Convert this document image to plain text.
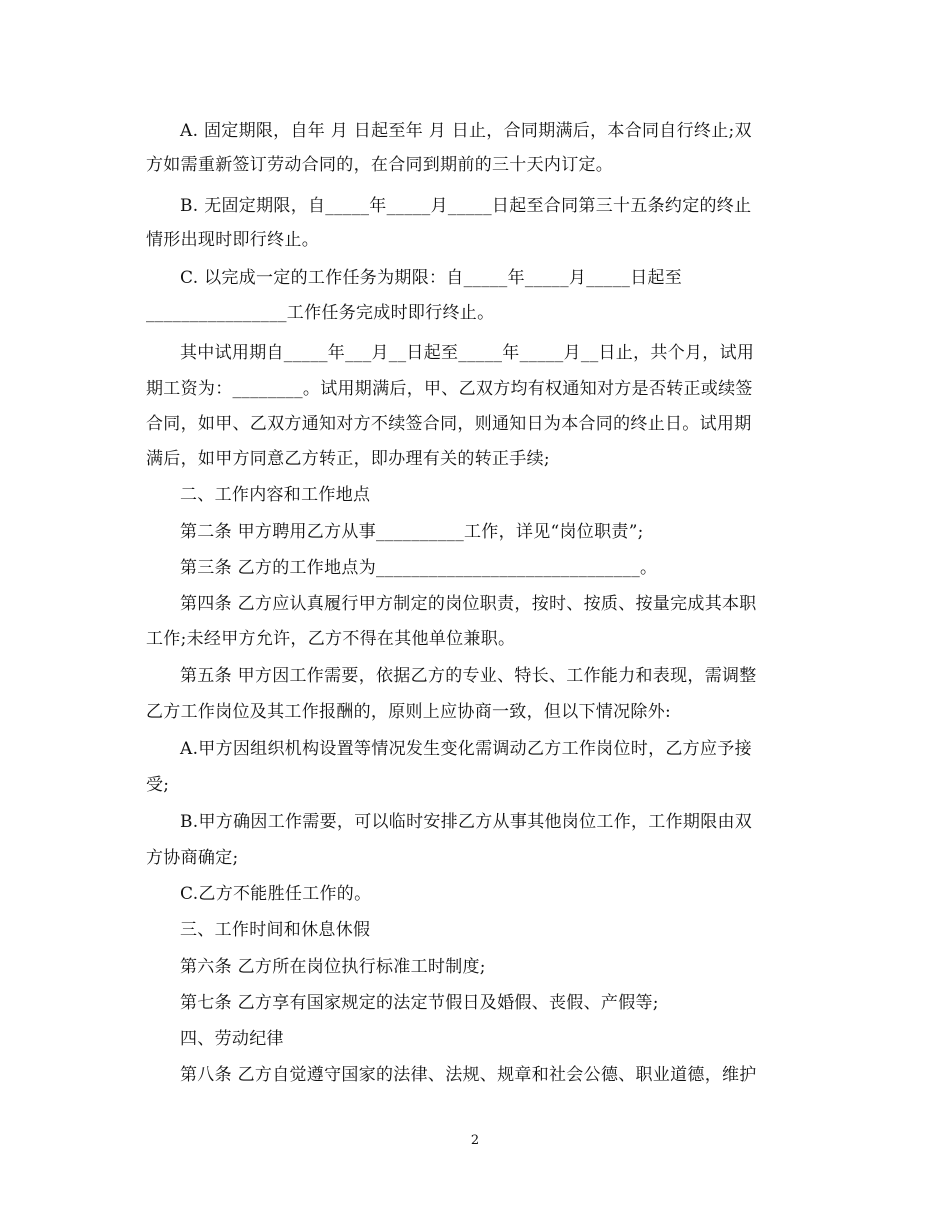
A. 固定期限，自年 月 日起至年 月 日止，合同期满后，本合同自行终止;双
方如需重新签订劳动合同的，在合同到期前的三十天内订定。
B. 无固定期限，自_____年_____月_____日起至合同第三十五条约定的终止
情形出现时即行终止。
C. 以完成一定的工作任务为期限：自_____年_____月_____日起至
________________工作任务完成时即行终止。
其中试用期自_____年___月__日起至_____年_____月__日止，共个月，试用
期工资为：________。试用期满后，甲、乙双方均有权通知对方是否转正或续签
合同，如甲、乙双方通知对方不续签合同，则通知日为本合同的终止日。试用期
满后，如甲方同意乙方转正，即办理有关的转正手续;
二、工作内容和工作地点
第二条 甲方聘用乙方从事__________工作，详见“岗位职责”;
第三条 乙方的工作地点为______________________________。
第四条 乙方应认真履行甲方制定的岗位职责，按时、按质、按量完成其本职
工作;未经甲方允许，乙方不得在其他单位兼职。
第五条 甲方因工作需要，依据乙方的专业、特长、工作能力和表现，需调整
乙方工作岗位及其工作报酬的，原则上应协商一致，但以下情况除外:
A.甲方因组织机构设置等情况发生变化需调动乙方工作岗位时，乙方应予接
受;
B.甲方确因工作需要，可以临时安排乙方从事其他岗位工作，工作期限由双
方协商确定;
C.乙方不能胜任工作的。
三、工作时间和休息休假
第六条 乙方所在岗位执行标准工时制度;
第七条 乙方享有国家规定的法定节假日及婚假、丧假、产假等;
四、劳动纪律
第八条 乙方自觉遵守国家的法律、法规、规章和社会公德、职业道德，维护
2
